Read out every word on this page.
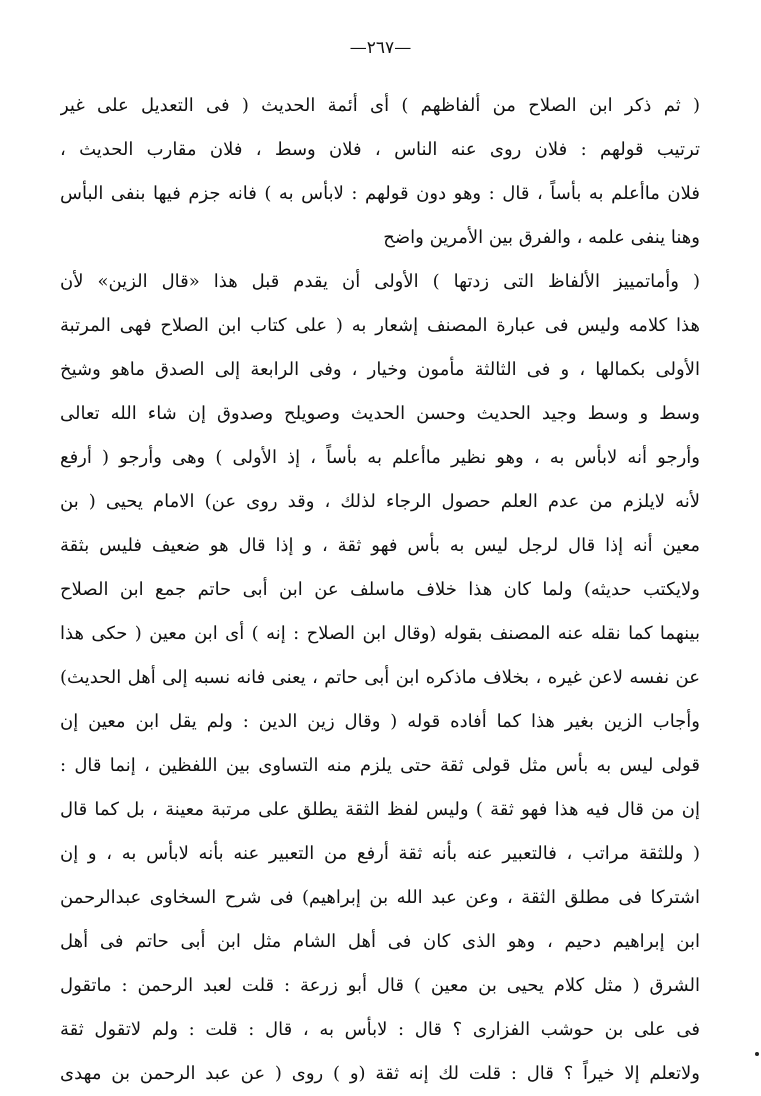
—٢٦٧—
( ثم ذكر ابن الصلاح من ألفاظهم ) أى أئمة الحديث ( فى التعديل على غير
ترتيب قولهم : فلان روى عنه الناس ، فلان وسط ، فلان مقارب الحديث ،
فلان ماأعلم به بأساً ، قال : وهو دون قولهم : لابأس به ) فانه جزم فيها بنفى البأس
وهنا ينفى علمه ، والفرق بين الأمرين واضح
( وأماتمييز الألفاظ التى زدتها ) الأولى أن يقدم قبل هذا «قال الزين» لأن
هذا كلامه وليس فى عبارة المصنف إشعار به ( على كتاب ابن الصلاح فهى المرتبة
الأولى بكمالها ، و فى الثالثة مأمون وخيار ، وفى الرابعة إلى الصدق ماهو وشيخ
وسط و وسط وجيد الحديث وحسن الحديث وصويلح وصدوق إن شاء الله تعالى
وأرجو أنه لابأس به ، وهو نظير ماأعلم به بأساً ، إذ الأولى ) وهى وأرجو ( أرفع
لأنه لايلزم من عدم العلم حصول الرجاء لذلك ، وقد روى عن) الامام يحيى ( بن
معين أنه إذا قال لرجل ليس به بأس فهو ثقة ، و إذا قال هو ضعيف فليس بثقة
ولايكتب حديثه) ولما كان هذا خلاف ماسلف عن ابن أبى حاتم جمع ابن الصلاح
بينهما كما نقله عنه المصنف بقوله (وقال ابن الصلاح : إنه ) أى ابن معين ( حكى هذا
عن نفسه لاعن غيره ، بخلاف ماذكره ابن أبى حاتم ، يعنى فانه نسبه إلى أهل الحديث)
وأجاب الزين بغير هذا كما أفاده قوله ( وقال زين الدين : ولم يقل ابن معين إن
قولى ليس به بأس مثل قولى ثقة حتى يلزم منه التساوى بين اللفظين ، إنما قال :
إن من قال فيه هذا فهو ثقة ) وليس لفظ الثقة يطلق على مرتبة معينة ، بل كما قال
( وللثقة مراتب ، فالتعبير عنه بأنه ثقة أرفع من التعبير عنه بأنه لابأس به ، و إن
اشتركا فى مطلق الثقة ، وعن عبد الله بن إبراهيم) فى شرح السخاوى عبدالرحمن
ابن إبراهيم دحيم ، وهو الذى كان فى أهل الشام مثل ابن أبى حاتم فى أهل
الشرق ( مثل كلام يحيى بن معين ) قال أبو زرعة : قلت لعبد الرحمن : ماتقول
فى على بن حوشب الفزارى ؟ قال : لابأس به ، قال : قلت : ولم لاتقول ثقة
ولاتعلم إلا خيراً ؟ قال : قلت لك إنه ثقة (و ) روى ( عن عبد الرحمن بن مهدى
